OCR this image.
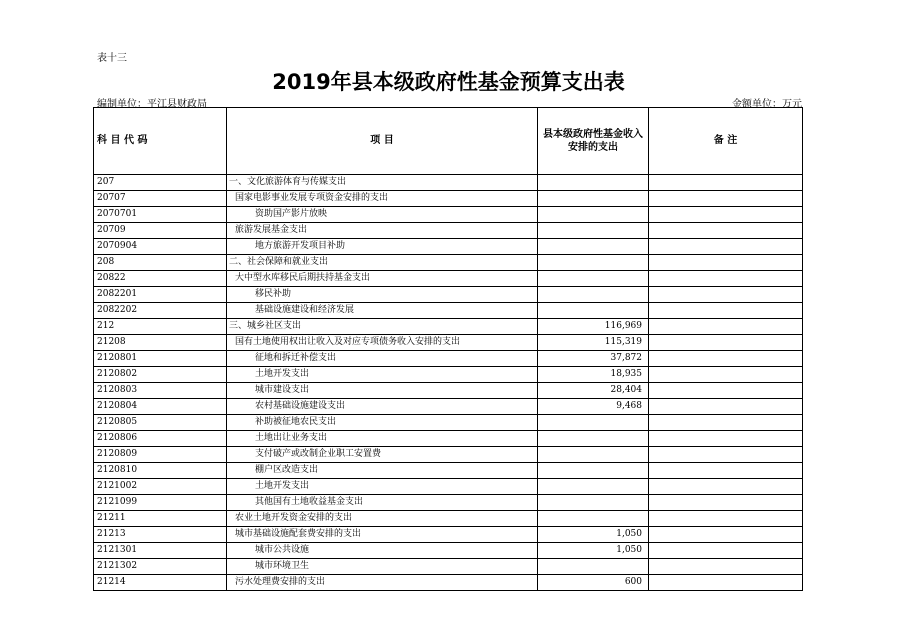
表十三
2019年县本级政府性基金预算支出表
编制单位：平江县财政局	金额单位：万元
科 目 代 码	项 目	县本级政府性基金收入
安排的支出	备 注
207	一、文化旅游体育与传媒支出		
20707	国家电影事业发展专项资金安排的支出		
2070701	资助国产影片放映		
20709	旅游发展基金支出		
2070904	地方旅游开发项目补助		
208	二、社会保障和就业支出		
20822	大中型水库移民后期扶持基金支出		
2082201	移民补助		
2082202	基础设施建设和经济发展		
212	三、城乡社区支出	116,969	
21208	国有土地使用权出让收入及对应专项债务收入安排的支出	115,319	
2120801	征地和拆迁补偿支出	37,872	
2120802	土地开发支出	18,935	
2120803	城市建设支出	28,404	
2120804	农村基础设施建设支出	9,468	
2120805	补助被征地农民支出		
2120806	土地出让业务支出		
2120809	支付破产或改制企业职工安置费		
2120810	棚户区改造支出		
2121002	土地开发支出		
2121099	其他国有土地收益基金支出		
21211	农业土地开发资金安排的支出		
21213	城市基础设施配套费安排的支出	1,050	
2121301	城市公共设施	1,050	
2121302	城市环境卫生		
21214	污水处理费安排的支出	600	
